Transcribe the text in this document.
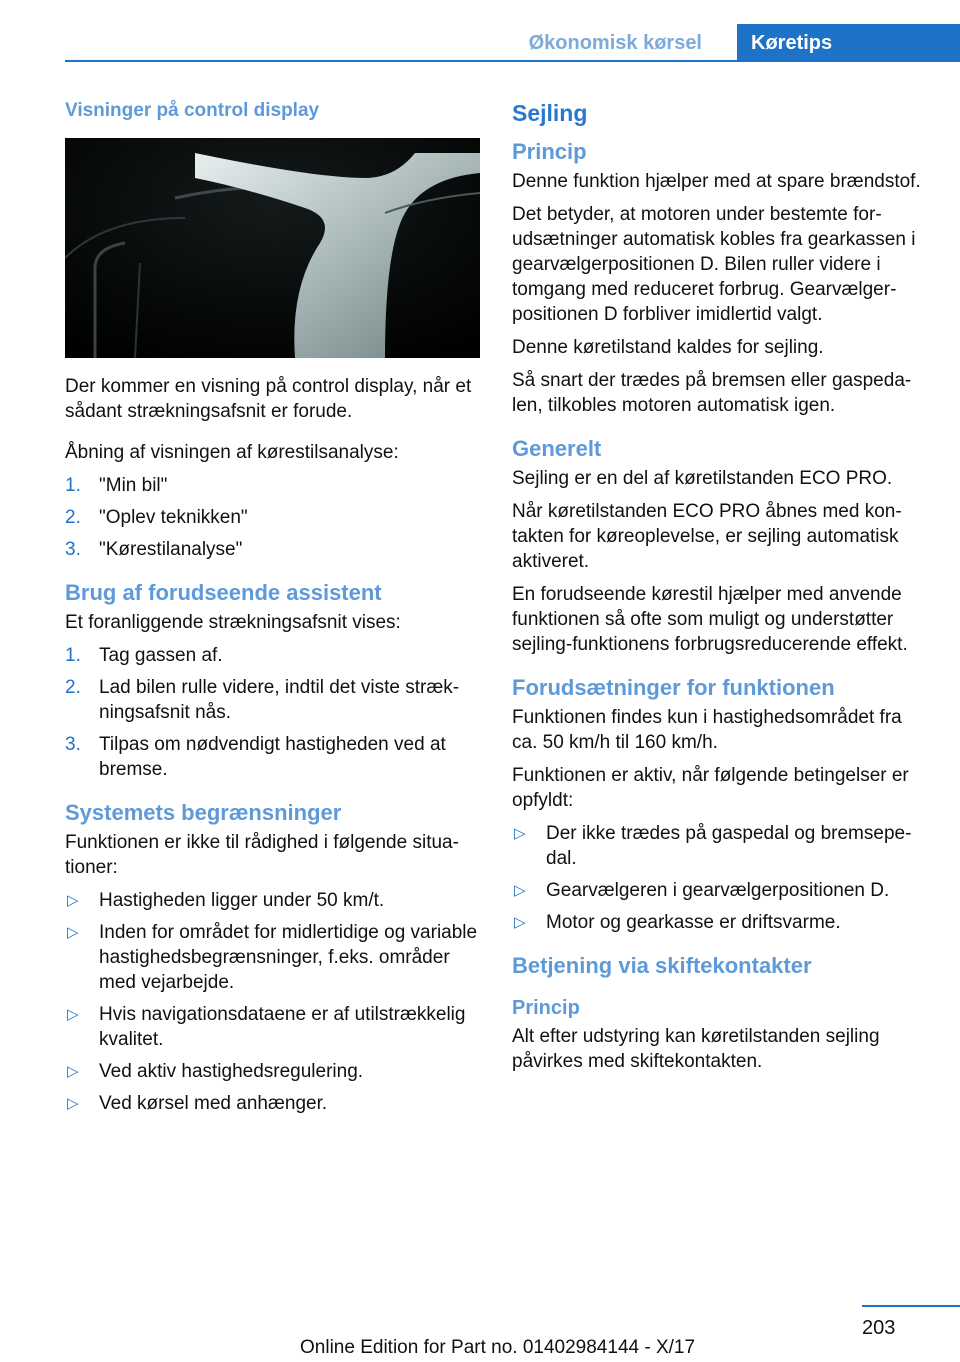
Økonomisk kørsel	Køretips
Visninger på control display

Der kommer en visning på control display, når et sådant strækningsafsnit er forude.

Åbning af visningen af kørestilsanalyse:

1. "Min bil"
2. "Oplev teknikken"
3. "Kørestilanalyse"
Brug af forudseende assistent

Et foranliggende strækningsafsnit vises:

1. Tag gassen af.
2. Lad bilen rulle videre, indtil det viste strækningsafsnit nås.
3. Tilpas om nødvendigt hastigheden ved at bremse.
Systemets begrænsninger

Funktionen er ikke til rådighed i følgende situationer:

▷ Hastigheden ligger under 50 km/t.
▷ Inden for området for midlertidige og variable hastighedsbegrænsninger, f.eks. områder med vejarbejde.
▷ Hvis navigationsdataene er af utilstrækkelig kvalitet.
▷ Ved aktiv hastighedsregulering.
▷ Ved kørsel med anhænger.
Sejling
Princip

Denne funktion hjælper med at spare brændstof.

Det betyder, at motoren under bestemte forudsætninger automatisk kobles fra gearkassen i gearvælgerpositionen D. Bilen ruller videre i tomgang med reduceret forbrug. Gearvælgerpositionen D forbliver imidlertid valgt.

Denne køretilstand kaldes for sejling.

Så snart der trædes på bremsen eller gaspedalen, tilkobles motoren automatisk igen.

Generelt

Sejling er en del af køretilstanden ECO PRO.

Når køretilstanden ECO PRO åbnes med kontakten for køreoplevelse, er sejling automatisk aktiveret.

En forudseende kørestil hjælper med anvende funktionen så ofte som muligt og understøtter sejling-funktionens forbrugsreducerende effekt.

Forudsætninger for funktionen

Funktionen findes kun i hastighedsområdet fra ca. 50 km/h til 160 km/h.

Funktionen er aktiv, når følgende betingelser er opfyldt:

▷ Der ikke trædes på gaspedal og bremsepedal.
▷ Gearvælgeren i gearvælgerpositionen D.
▷ Motor og gearkasse er driftsvarme.
Betjening via skiftekontakter
Princip

Alt efter udstyring kan køretilstanden sejling påvirkes med skiftekontakten.

203
Online Edition for Part no. 01402984144 - X/17
